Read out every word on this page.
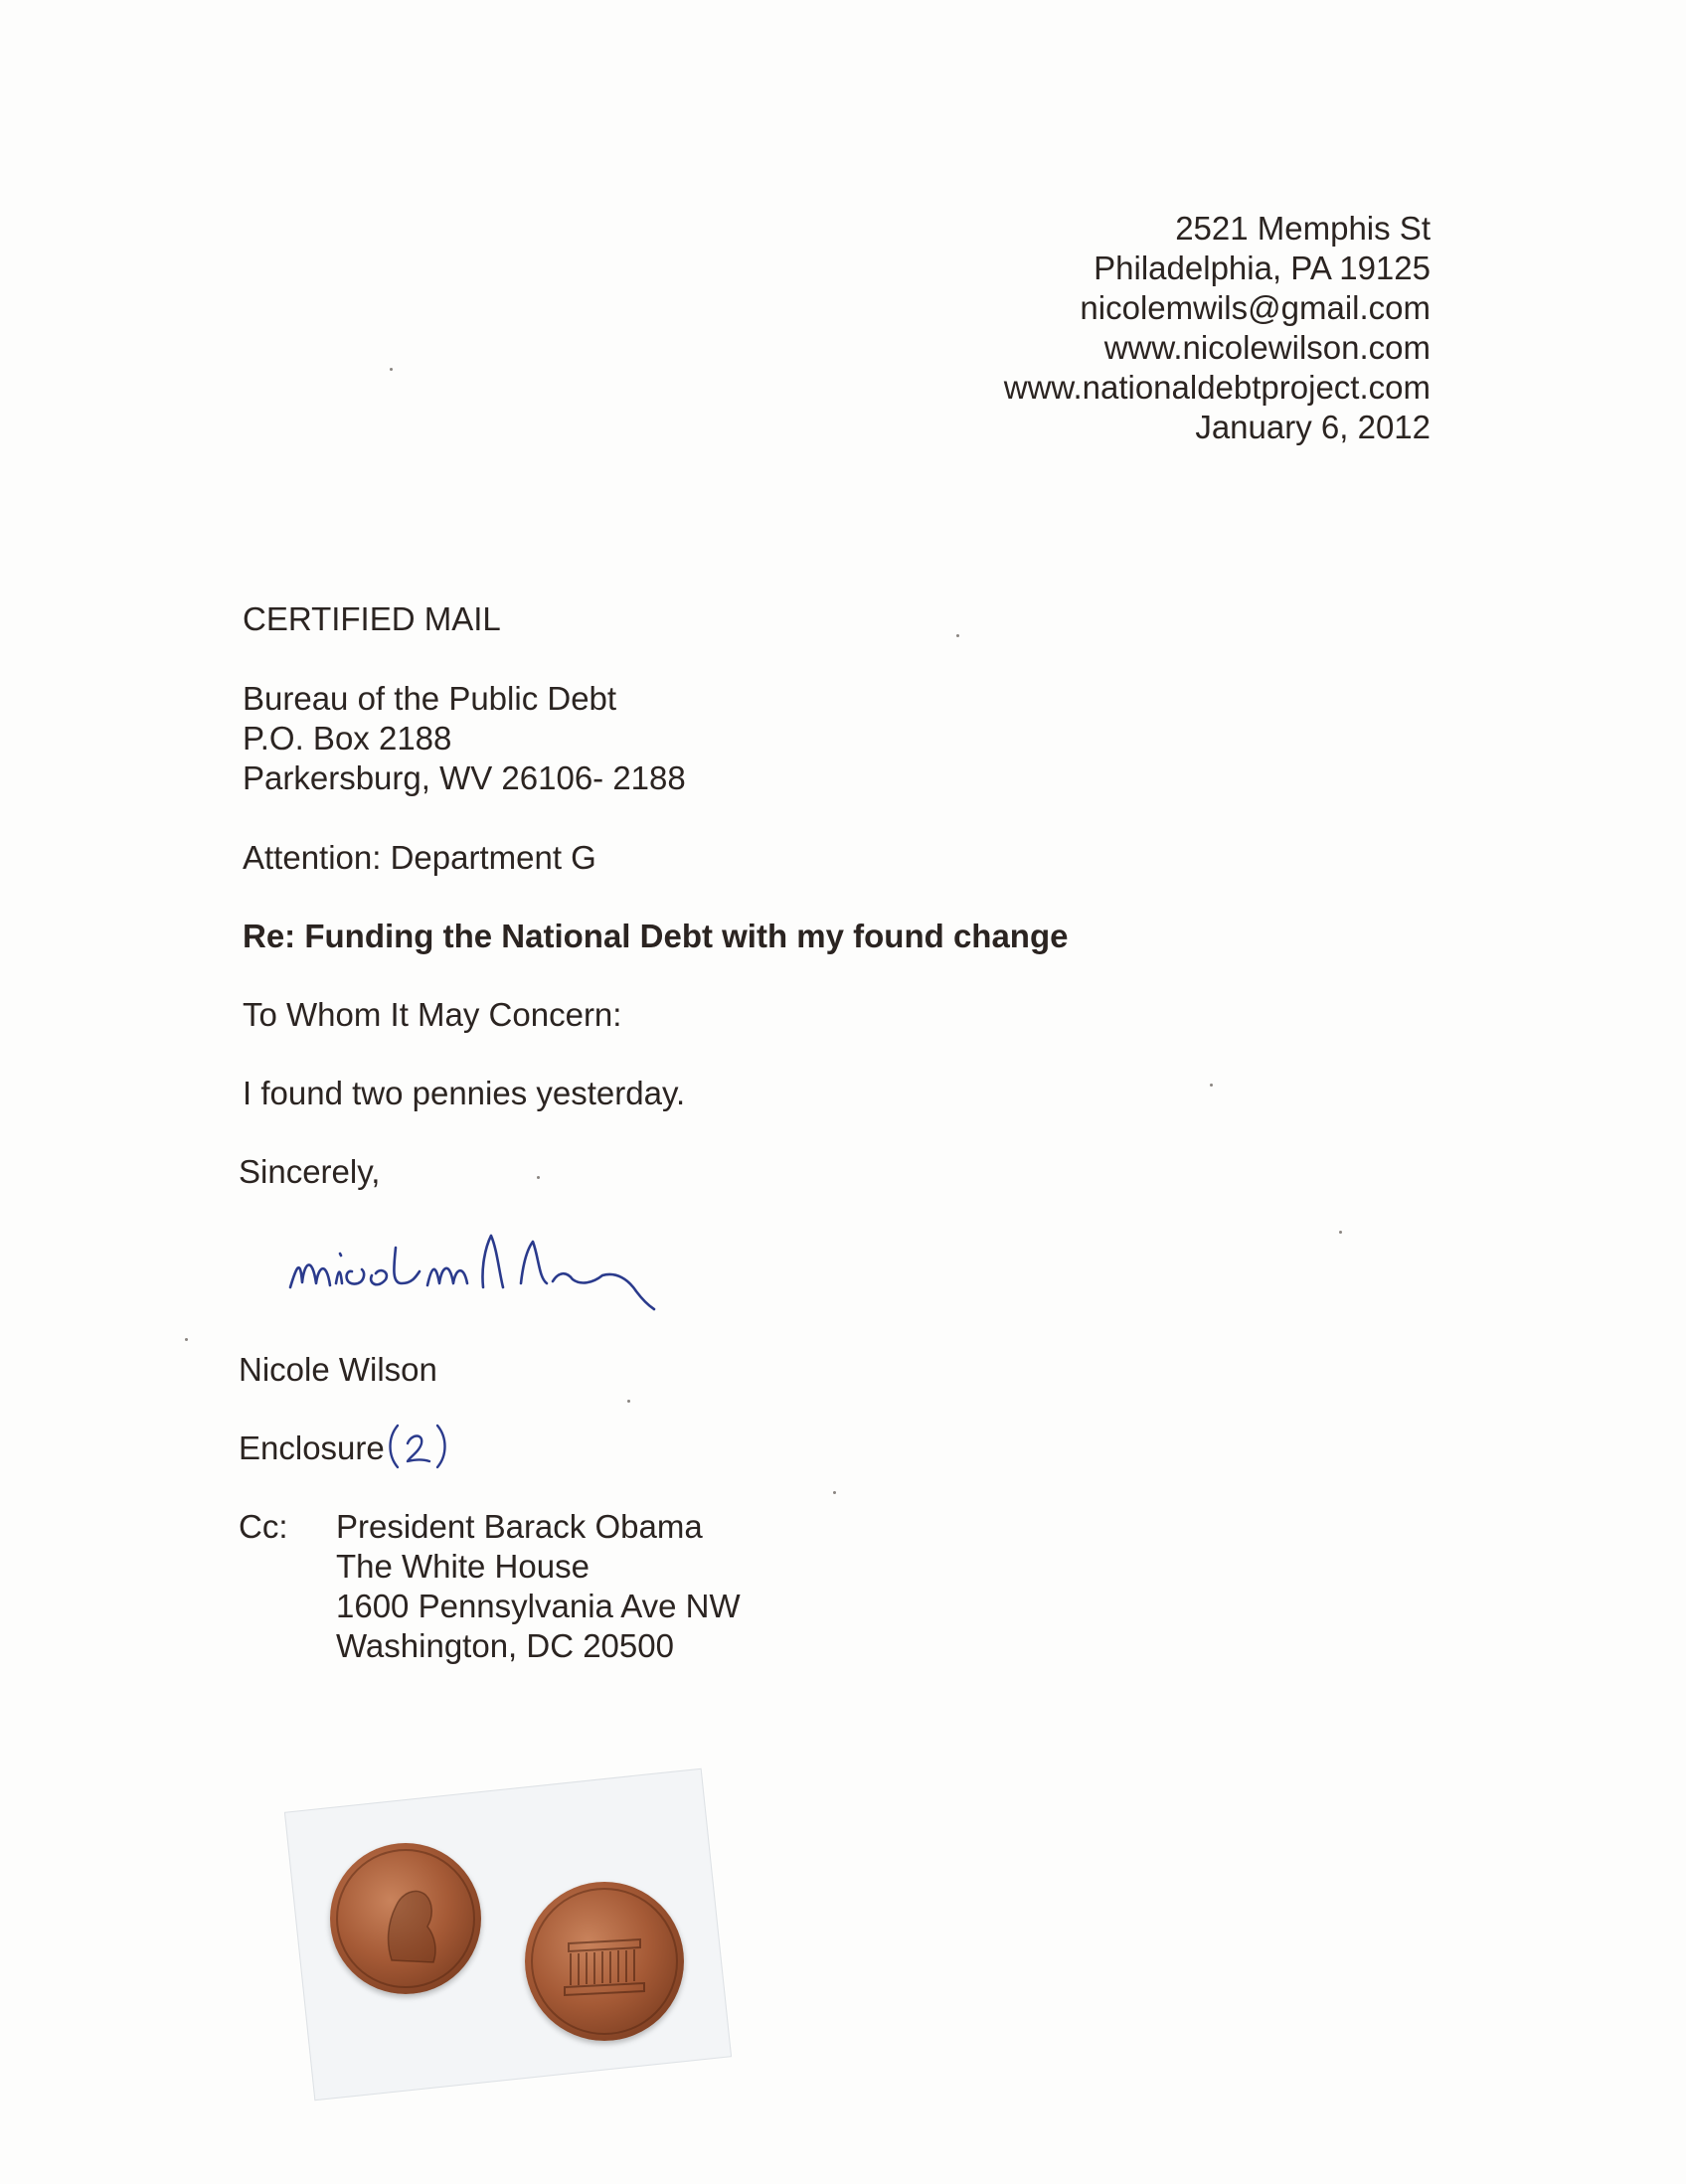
2521 Memphis St
Philadelphia, PA 19125
nicolemwils@gmail.com
www.nicolewilson.com
www.nationaldebtproject.com
January 6, 2012
CERTIFIED MAIL
Bureau of the Public Debt
P.O. Box 2188
Parkersburg, WV 26106- 2188
Attention: Department G
Re: Funding the National Debt with my found change
To Whom It May Concern:
I found two pennies yesterday.
Sincerely,
Nicole Wilson
Enclosure
Cc: President Barack Obama
The White House
1600 Pennsylvania Ave NW
Washington, DC 20500
